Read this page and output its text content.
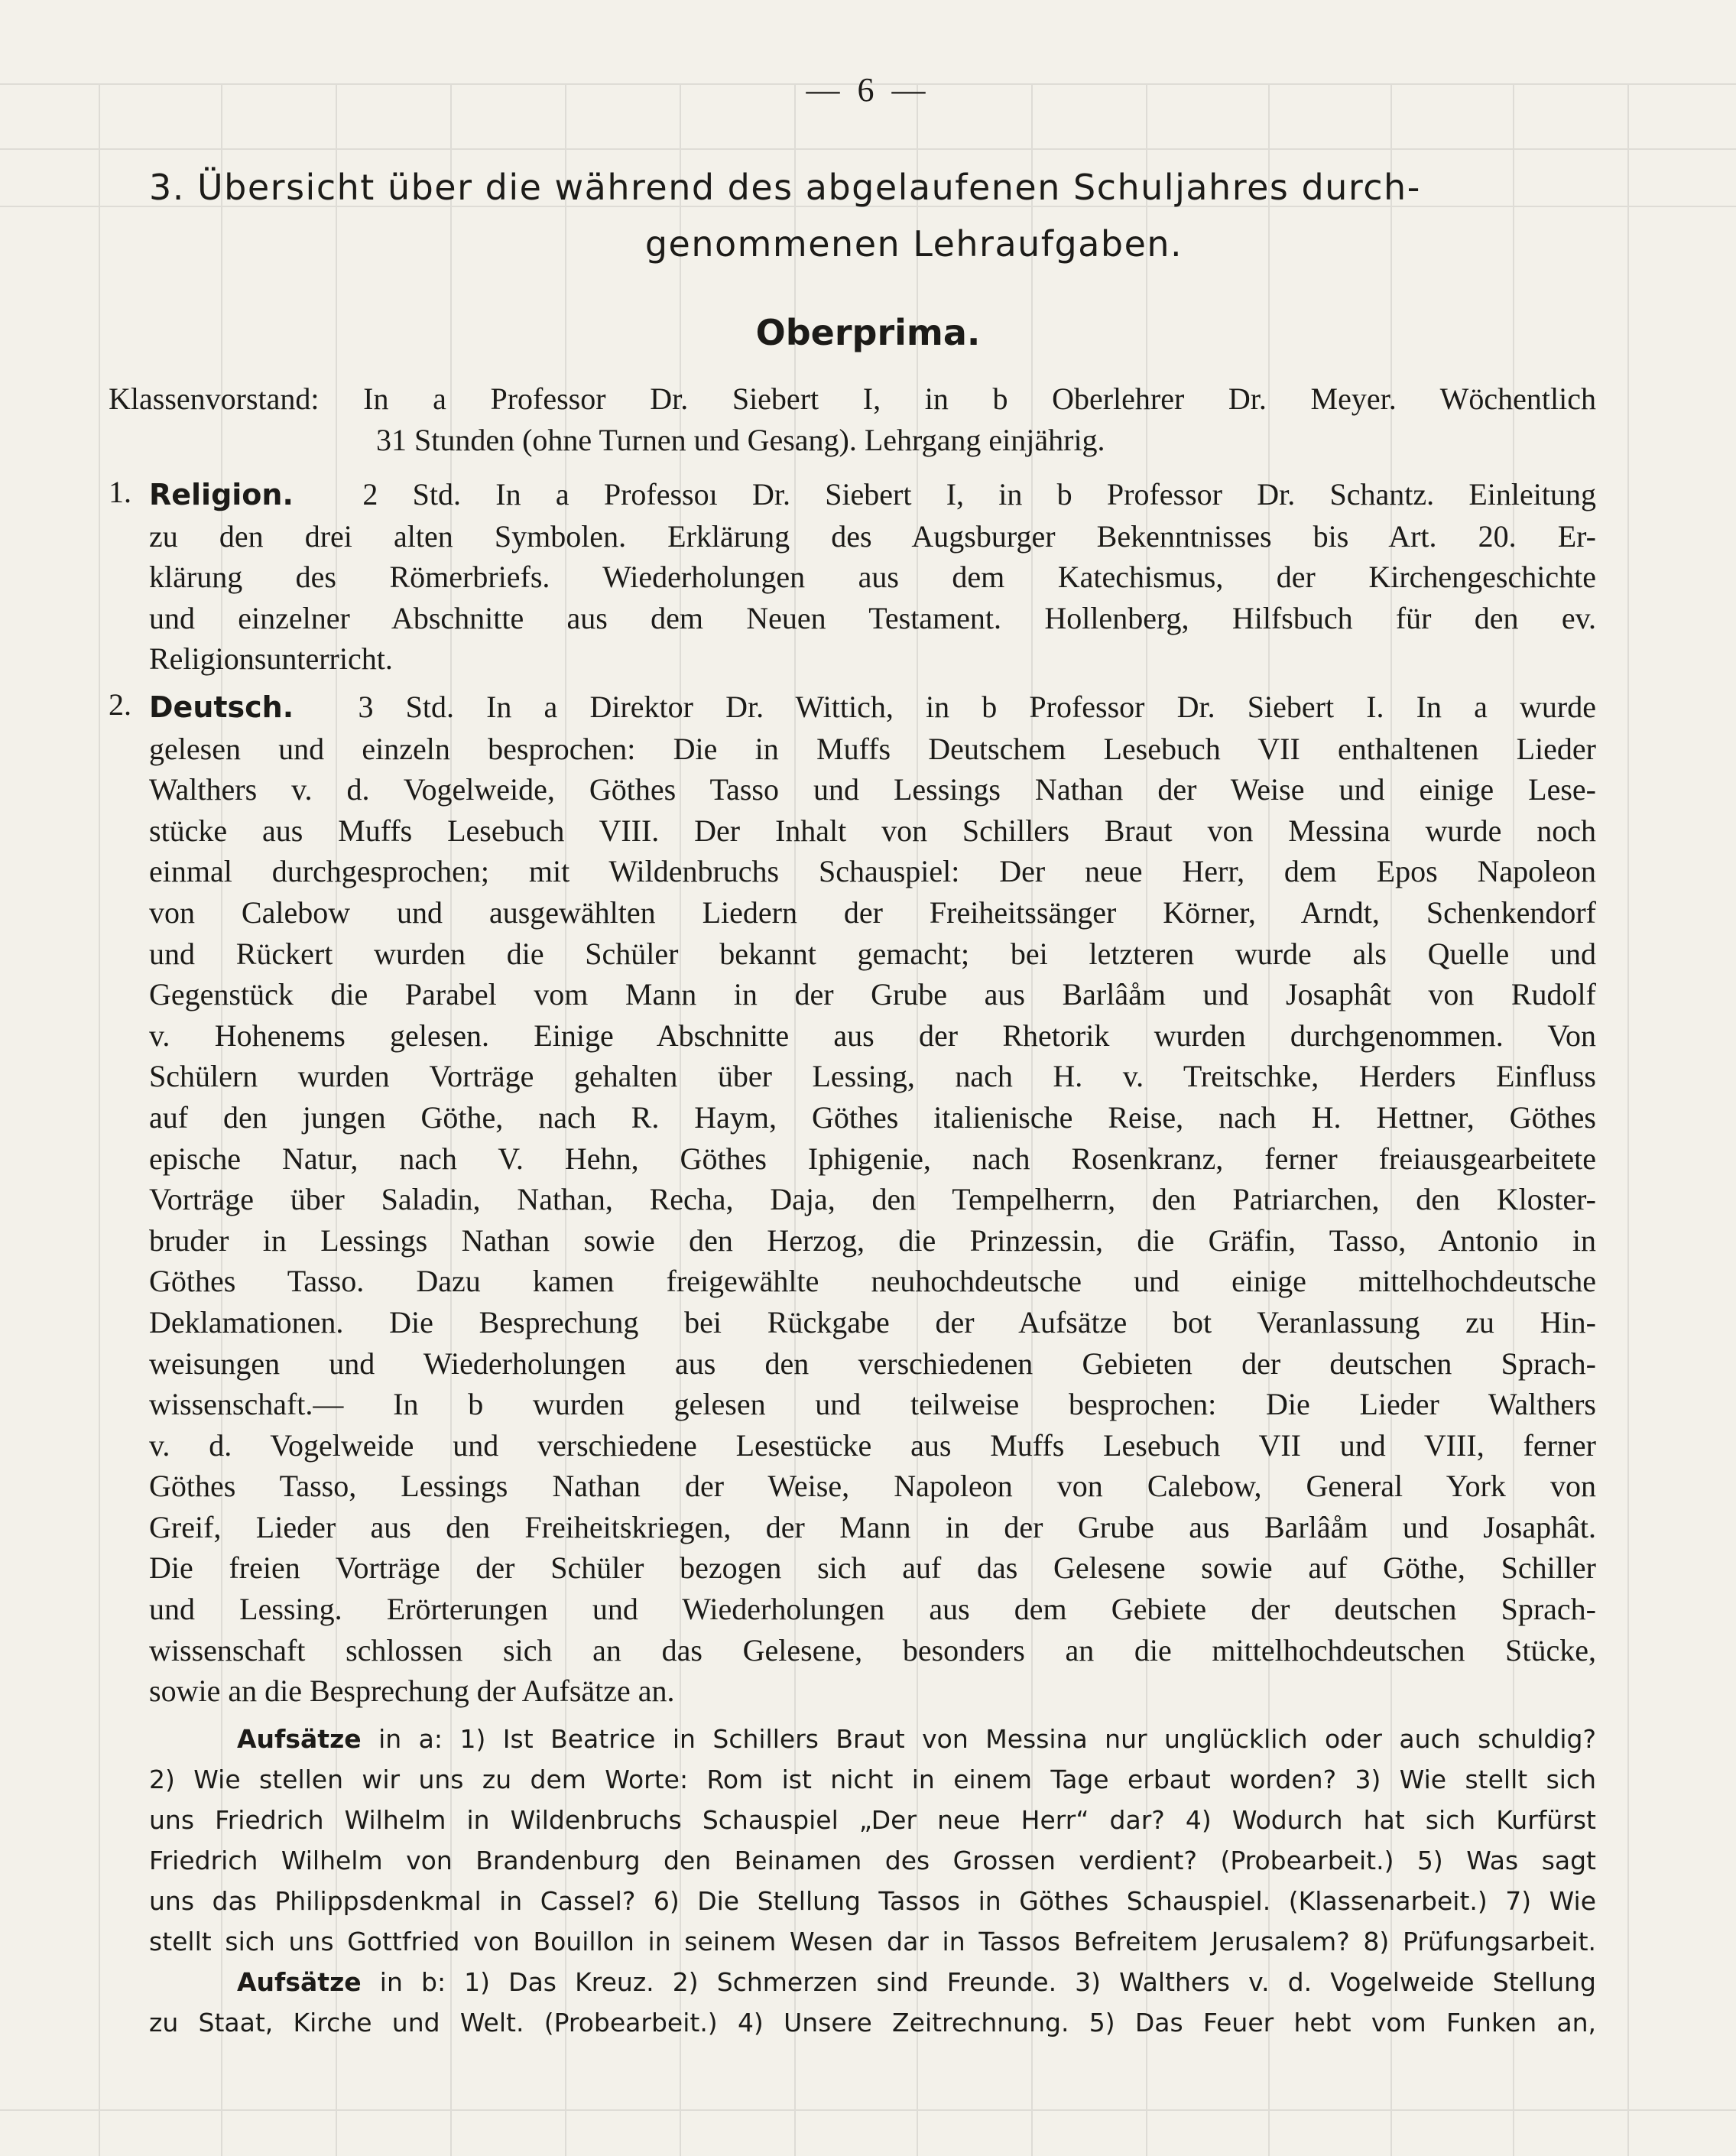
— 6 —
3. Übersicht über die während des abgelaufenen Schuljahres durch-
genommenen Lehraufgaben.
Oberprima.
Klassenvorstand: In a Professor Dr. Siebert I, in b Oberlehrer Dr. Meyer. Wöchentlich
31 Stunden (ohne Turnen und Gesang). Lehrgang einjährig.
1. Religion. 2 Std. In a Professoı Dr. Siebert I, in b Professor Dr. Schantz. Einleitung
zu den drei alten Symbolen. Erklärung des Augsburger Bekenntnisses bis Art. 20. Er-
klärung des Römerbriefs. Wiederholungen aus dem Katechismus, der Kirchengeschichte
und einzelner Abschnitte aus dem Neuen Testament. Hollenberg, Hilfsbuch für den ev.
Religionsunterricht.
2. Deutsch. 3 Std. In a Direktor Dr. Wittich, in b Professor Dr. Siebert I. In a wurde
gelesen und einzeln besprochen: Die in Muffs Deutschem Lesebuch VII enthaltenen Lieder
Walthers v. d. Vogelweide, Göthes Tasso und Lessings Nathan der Weise und einige Lese-
stücke aus Muffs Lesebuch VIII. Der Inhalt von Schillers Braut von Messina wurde noch
einmal durchgesprochen; mit Wildenbruchs Schauspiel: Der neue Herr, dem Epos Napoleon
von Calebow und ausgewählten Liedern der Freiheitssänger Körner, Arndt, Schenkendorf
und Rückert wurden die Schüler bekannt gemacht; bei letzteren wurde als Quelle und
Gegenstück die Parabel vom Mann in der Grube aus Barlâåm und Josaphât von Rudolf
v. Hohenems gelesen. Einige Abschnitte aus der Rhetorik wurden durchgenommen. Von
Schülern wurden Vorträge gehalten über Lessing, nach H. v. Treitschke, Herders Einfluss
auf den jungen Göthe, nach R. Haym, Göthes italienische Reise, nach H. Hettner, Göthes
epische Natur, nach V. Hehn, Göthes Iphigenie, nach Rosenkranz, ferner freiausgearbeitete
Vorträge über Saladin, Nathan, Recha, Daja, den Tempelherrn, den Patriarchen, den Kloster-
bruder in Lessings Nathan sowie den Herzog, die Prinzessin, die Gräfin, Tasso, Antonio in
Göthes Tasso. Dazu kamen freigewählte neuhochdeutsche und einige mittelhochdeutsche
Deklamationen. Die Besprechung bei Rückgabe der Aufsätze bot Veranlassung zu Hin-
weisungen und Wiederholungen aus den verschiedenen Gebieten der deutschen Sprach-
wissenschaft.— In b wurden gelesen und teilweise besprochen: Die Lieder Walthers
v. d. Vogelweide und verschiedene Lesestücke aus Muffs Lesebuch VII und VIII, ferner
Göthes Tasso, Lessings Nathan der Weise, Napoleon von Calebow, General York von
Greif, Lieder aus den Freiheitskriegen, der Mann in der Grube aus Barlâåm und Josaphât.
Die freien Vorträge der Schüler bezogen sich auf das Gelesene sowie auf Göthe, Schiller
und Lessing. Erörterungen und Wiederholungen aus dem Gebiete der deutschen Sprach-
wissenschaft schlossen sich an das Gelesene, besonders an die mittelhochdeutschen Stücke,
sowie an die Besprechung der Aufsätze an.
Aufsätze in a: 1) Ist Beatrice in Schillers Braut von Messina nur unglücklich oder auch schuldig?
2) Wie stellen wir uns zu dem Worte: Rom ist nicht in einem Tage erbaut worden? 3) Wie stellt sich
uns Friedrich Wilhelm in Wildenbruchs Schauspiel „Der neue Herr“ dar? 4) Wodurch hat sich Kurfürst
Friedrich Wilhelm von Brandenburg den Beinamen des Grossen verdient? (Probearbeit.) 5) Was sagt
uns das Philippsdenkmal in Cassel? 6) Die Stellung Tassos in Göthes Schauspiel. (Klassenarbeit.) 7) Wie
stellt sich uns Gottfried von Bouillon in seinem Wesen dar in Tassos Befreitem Jerusalem? 8) Prüfungsarbeit.
Aufsätze in b: 1) Das Kreuz. 2) Schmerzen sind Freunde. 3) Walthers v. d. Vogelweide Stellung
zu Staat, Kirche und Welt. (Probearbeit.) 4) Unsere Zeitrechnung. 5) Das Feuer hebt vom Funken an,
